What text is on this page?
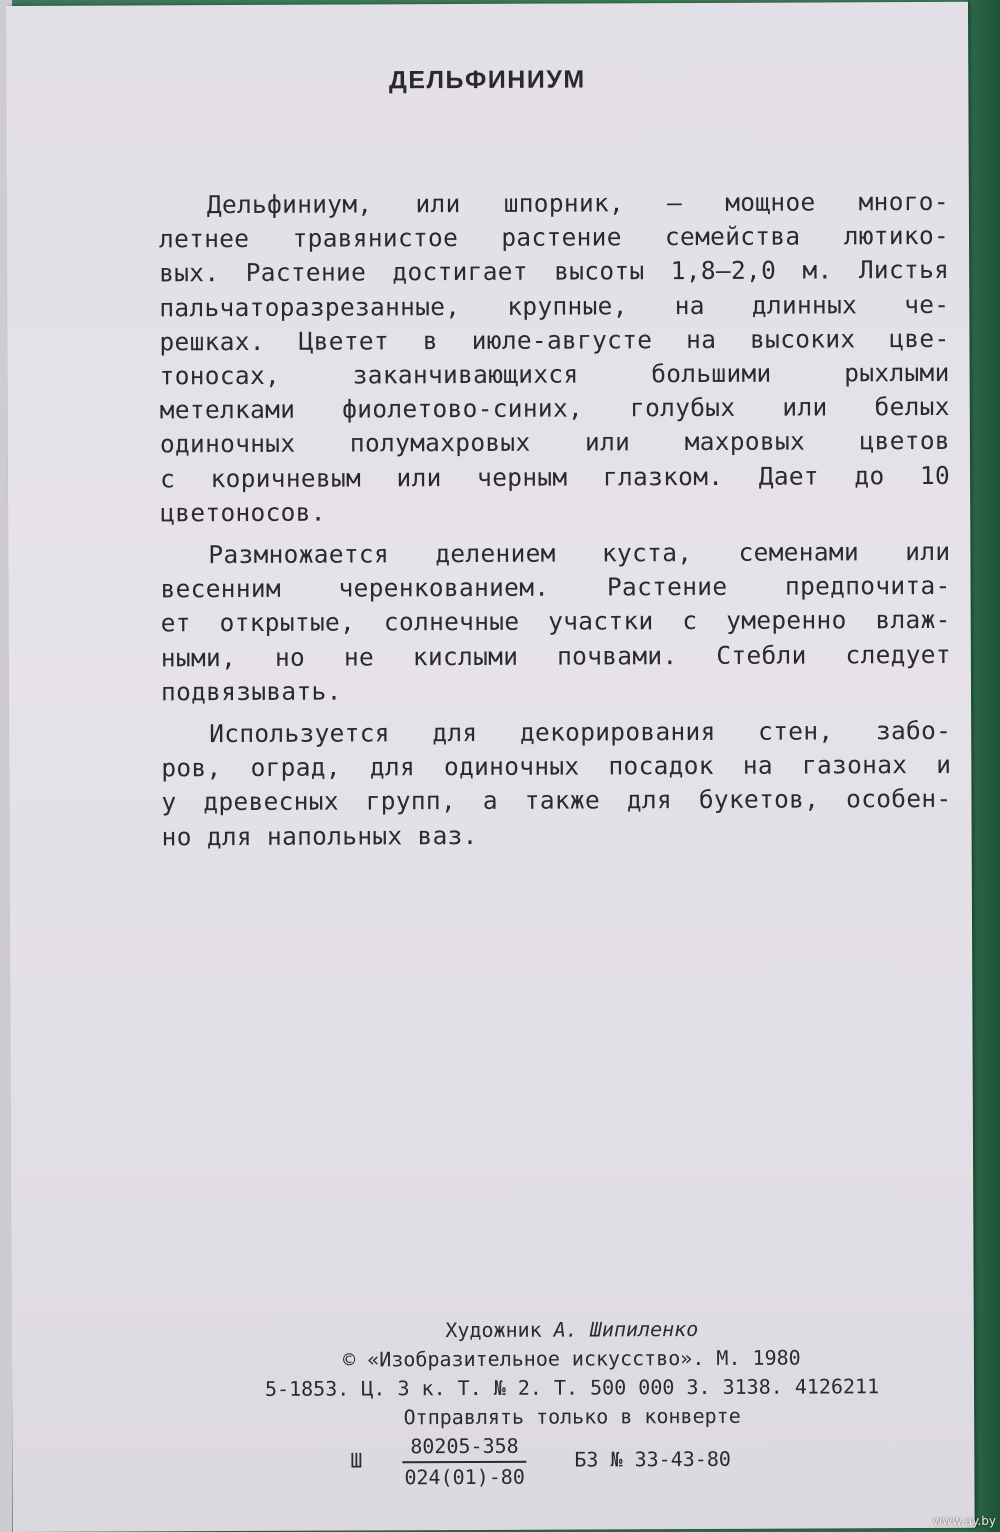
ДЕЛЬФИНИУМ
Дельфиниум, или шпорник, — мощное много-
летнее травянистое растение семейства лютико-
вых. Растение достигает высоты 1,8—2,0 м. Листья
пальчаторазрезанные, крупные, на длинных че-
решках. Цветет в июле-августе на высоких цве-
тоносах, заканчивающихся большими рыхлыми
метелками фиолетово-синих, голубых или белых
одиночных полумахровых или махровых цветов
с коричневым или черным глазком. Дает до 10
цветоносов.
Размножается делением куста, семенами или
весенним черенкованием. Растение предпочита-
ет открытые, солнечные участки с умеренно влаж-
ными, но не кислыми почвами. Стебли следует
подвязывать.
Используется для декорирования стен, забо-
ров, оград, для одиночных посадок на газонах и
у древесных групп, а также для букетов, особен-
но для напольных ваз.
Художник А. Шипиленко
© «Изобразительное искусство». М. 1980
5-1853. Ц. 3 к. Т. № 2. Т. 500 000 З. 3138. 4126211
Отправлять только в конверте
Ш $\frac{80205-358}{024(01)-80}$ БЗ № 33-43-80
www.ay.by
